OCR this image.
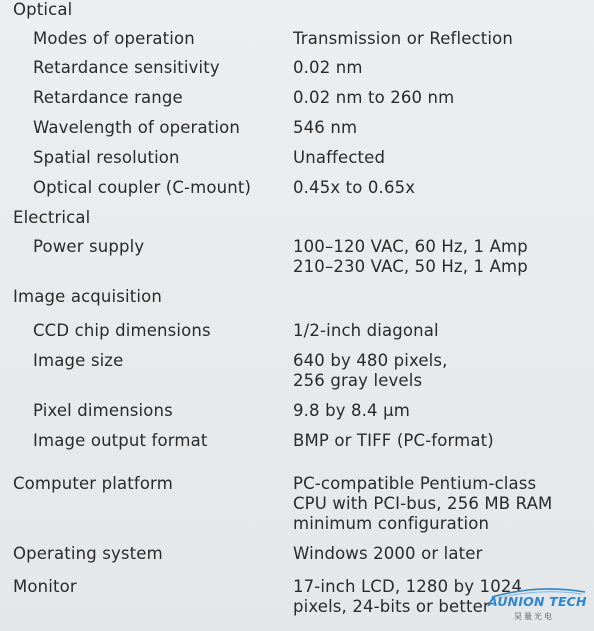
Optical
Modes of operation	Transmission or Reflection
Retardance sensitivity	0.02 nm
Retardance range	0.02 nm to 260 nm
Wavelength of operation	546 nm
Spatial resolution	Unaffected
Optical coupler (C-mount)	0.45x to 0.65x
Electrical
Power supply	100–120 VAC, 60 Hz, 1 Amp
210–230 VAC, 50 Hz, 1 Amp
Image acquisition
CCD chip dimensions	1/2-inch diagonal
Image size	640 by 480 pixels,
256 gray levels
Pixel dimensions	9.8 by 8.4 μm
Image output format	BMP or TIFF (PC-format)
Computer platform	PC-compatible Pentium-class
CPU with PCI-bus, 256 MB RAM
minimum configuration
Operating system	Windows 2000 or later
Monitor	17-inch LCD, 1280 by 1024
pixels, 24-bits or better
AUNION TECH
昊量光电
